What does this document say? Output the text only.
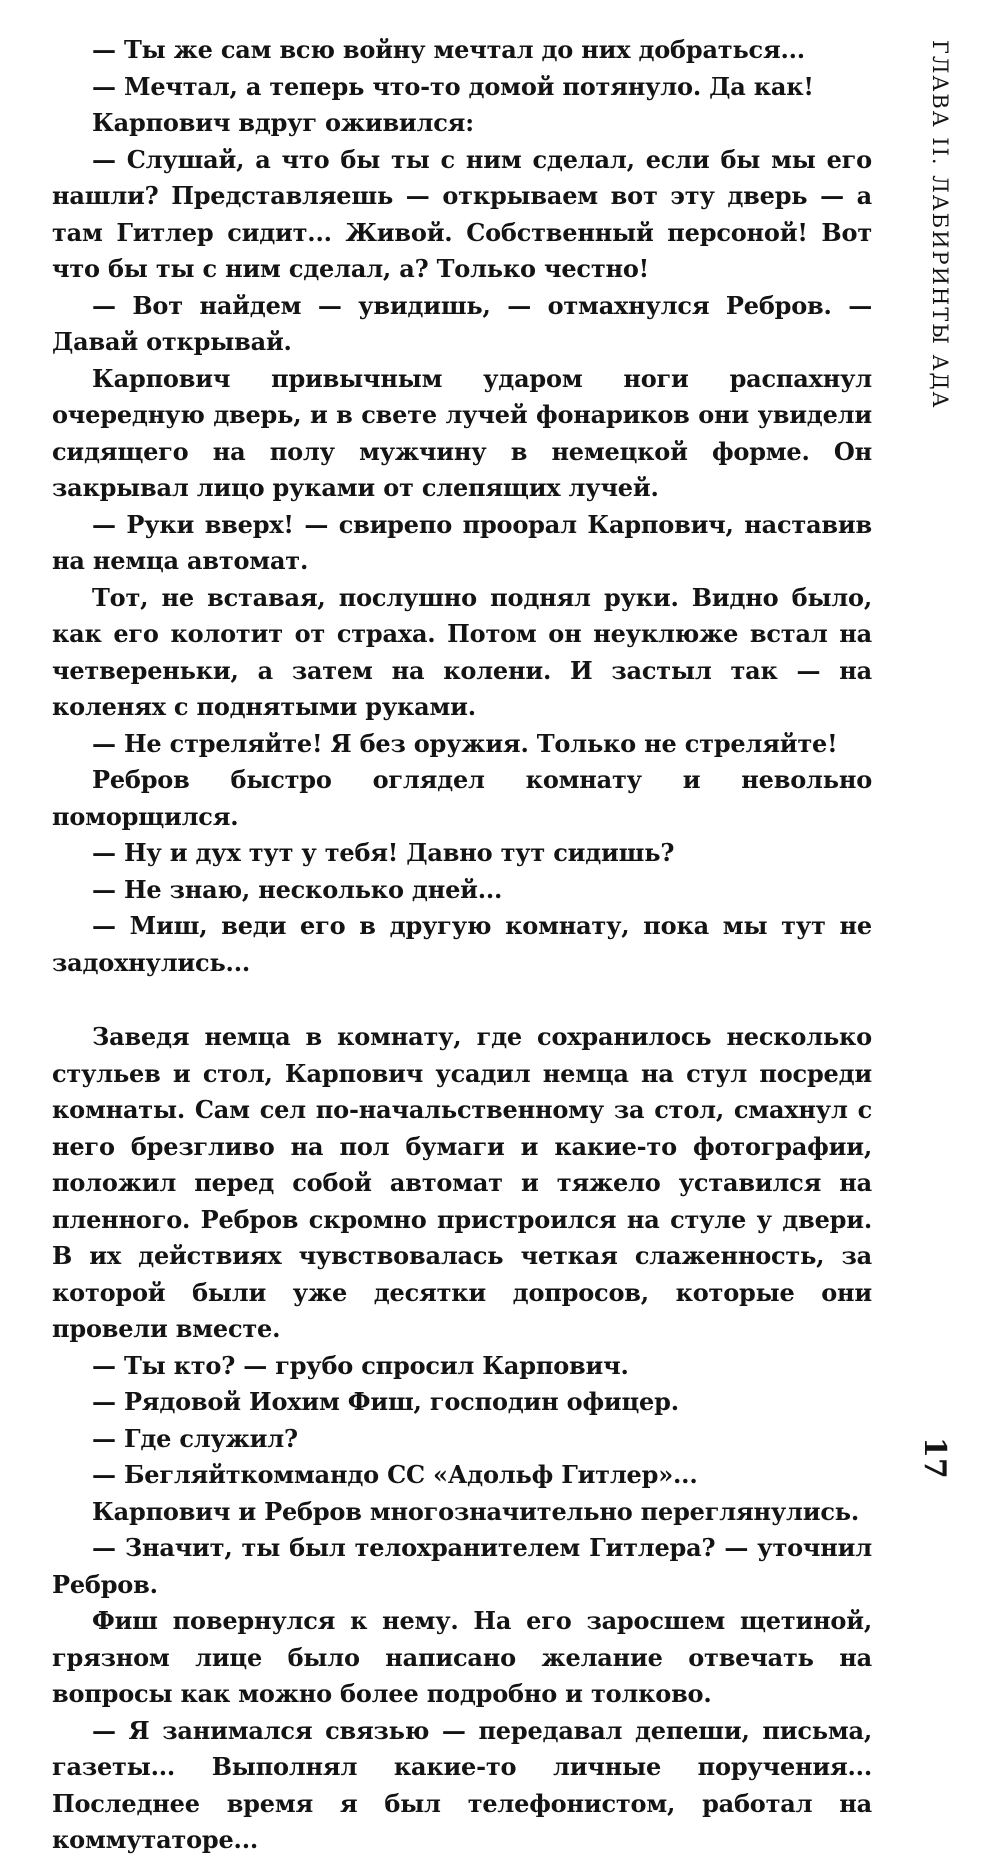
— Ты же сам всю войну мечтал до них добраться...

— Мечтал, а теперь что-то домой потянуло. Да как!

Карпович вдруг оживился:

— Слушай, а что бы ты с ним сделал, если бы мы его нашли? Представляешь — открываем вот эту дверь — а там Гитлер сидит... Живой. Собственный персоной! Вот что бы ты с ним сделал, а? Только честно!

— Вот найдем — увидишь, — отмахнулся Ребров. — Давай открывай.

Карпович привычным ударом ноги распахнул очередную дверь, и в свете лучей фонариков они увидели сидящего на полу мужчину в немецкой форме. Он закрывал лицо руками от слепящих лучей.

— Руки вверх! — свирепо проорал Карпович, наставив на немца автомат.

Тот, не вставая, послушно поднял руки. Видно было, как его колотит от страха. Потом он неуклюже встал на четвереньки, а затем на колени. И застыл так — на коленях с поднятыми руками.

— Не стреляйте! Я без оружия. Только не стреляйте!

Ребров быстро оглядел комнату и невольно поморщился.

— Ну и дух тут у тебя! Давно тут сидишь?

— Не знаю, несколько дней...

— Миш, веди его в другую комнату, пока мы тут не задохнулись...

Заведя немца в комнату, где сохранилось несколько стульев и стол, Карпович усадил немца на стул посреди комнаты. Сам сел по-начальственному за стол, смахнул с него брезгливо на пол бумаги и какие-то фотографии, положил перед собой автомат и тяжело уставился на пленного. Ребров скромно пристроился на стуле у двери. В их действиях чувствовалась четкая слаженность, за которой были уже десятки допросов, которые они провели вместе.

— Ты кто? — грубо спросил Карпович.

— Рядовой Иохим Фиш, господин офицер.

— Где служил?

— Бегляйткоммандо СС «Адольф Гитлер»...

Карпович и Ребров многозначительно переглянулись.

— Значит, ты был телохранителем Гитлера? — уточнил Ребров.

Фиш повернулся к нему. На его заросшем щетиной, грязном лице было написано желание отвечать на вопросы как можно более подробно и толково.

— Я занимался связью — передавал депеши, письма, газеты... Выполнял какие-то личные поручения... Последнее время я был телефонистом, работал на коммутаторе...

ГЛАВА II. ЛАБИРИНТЫ АДА
17
